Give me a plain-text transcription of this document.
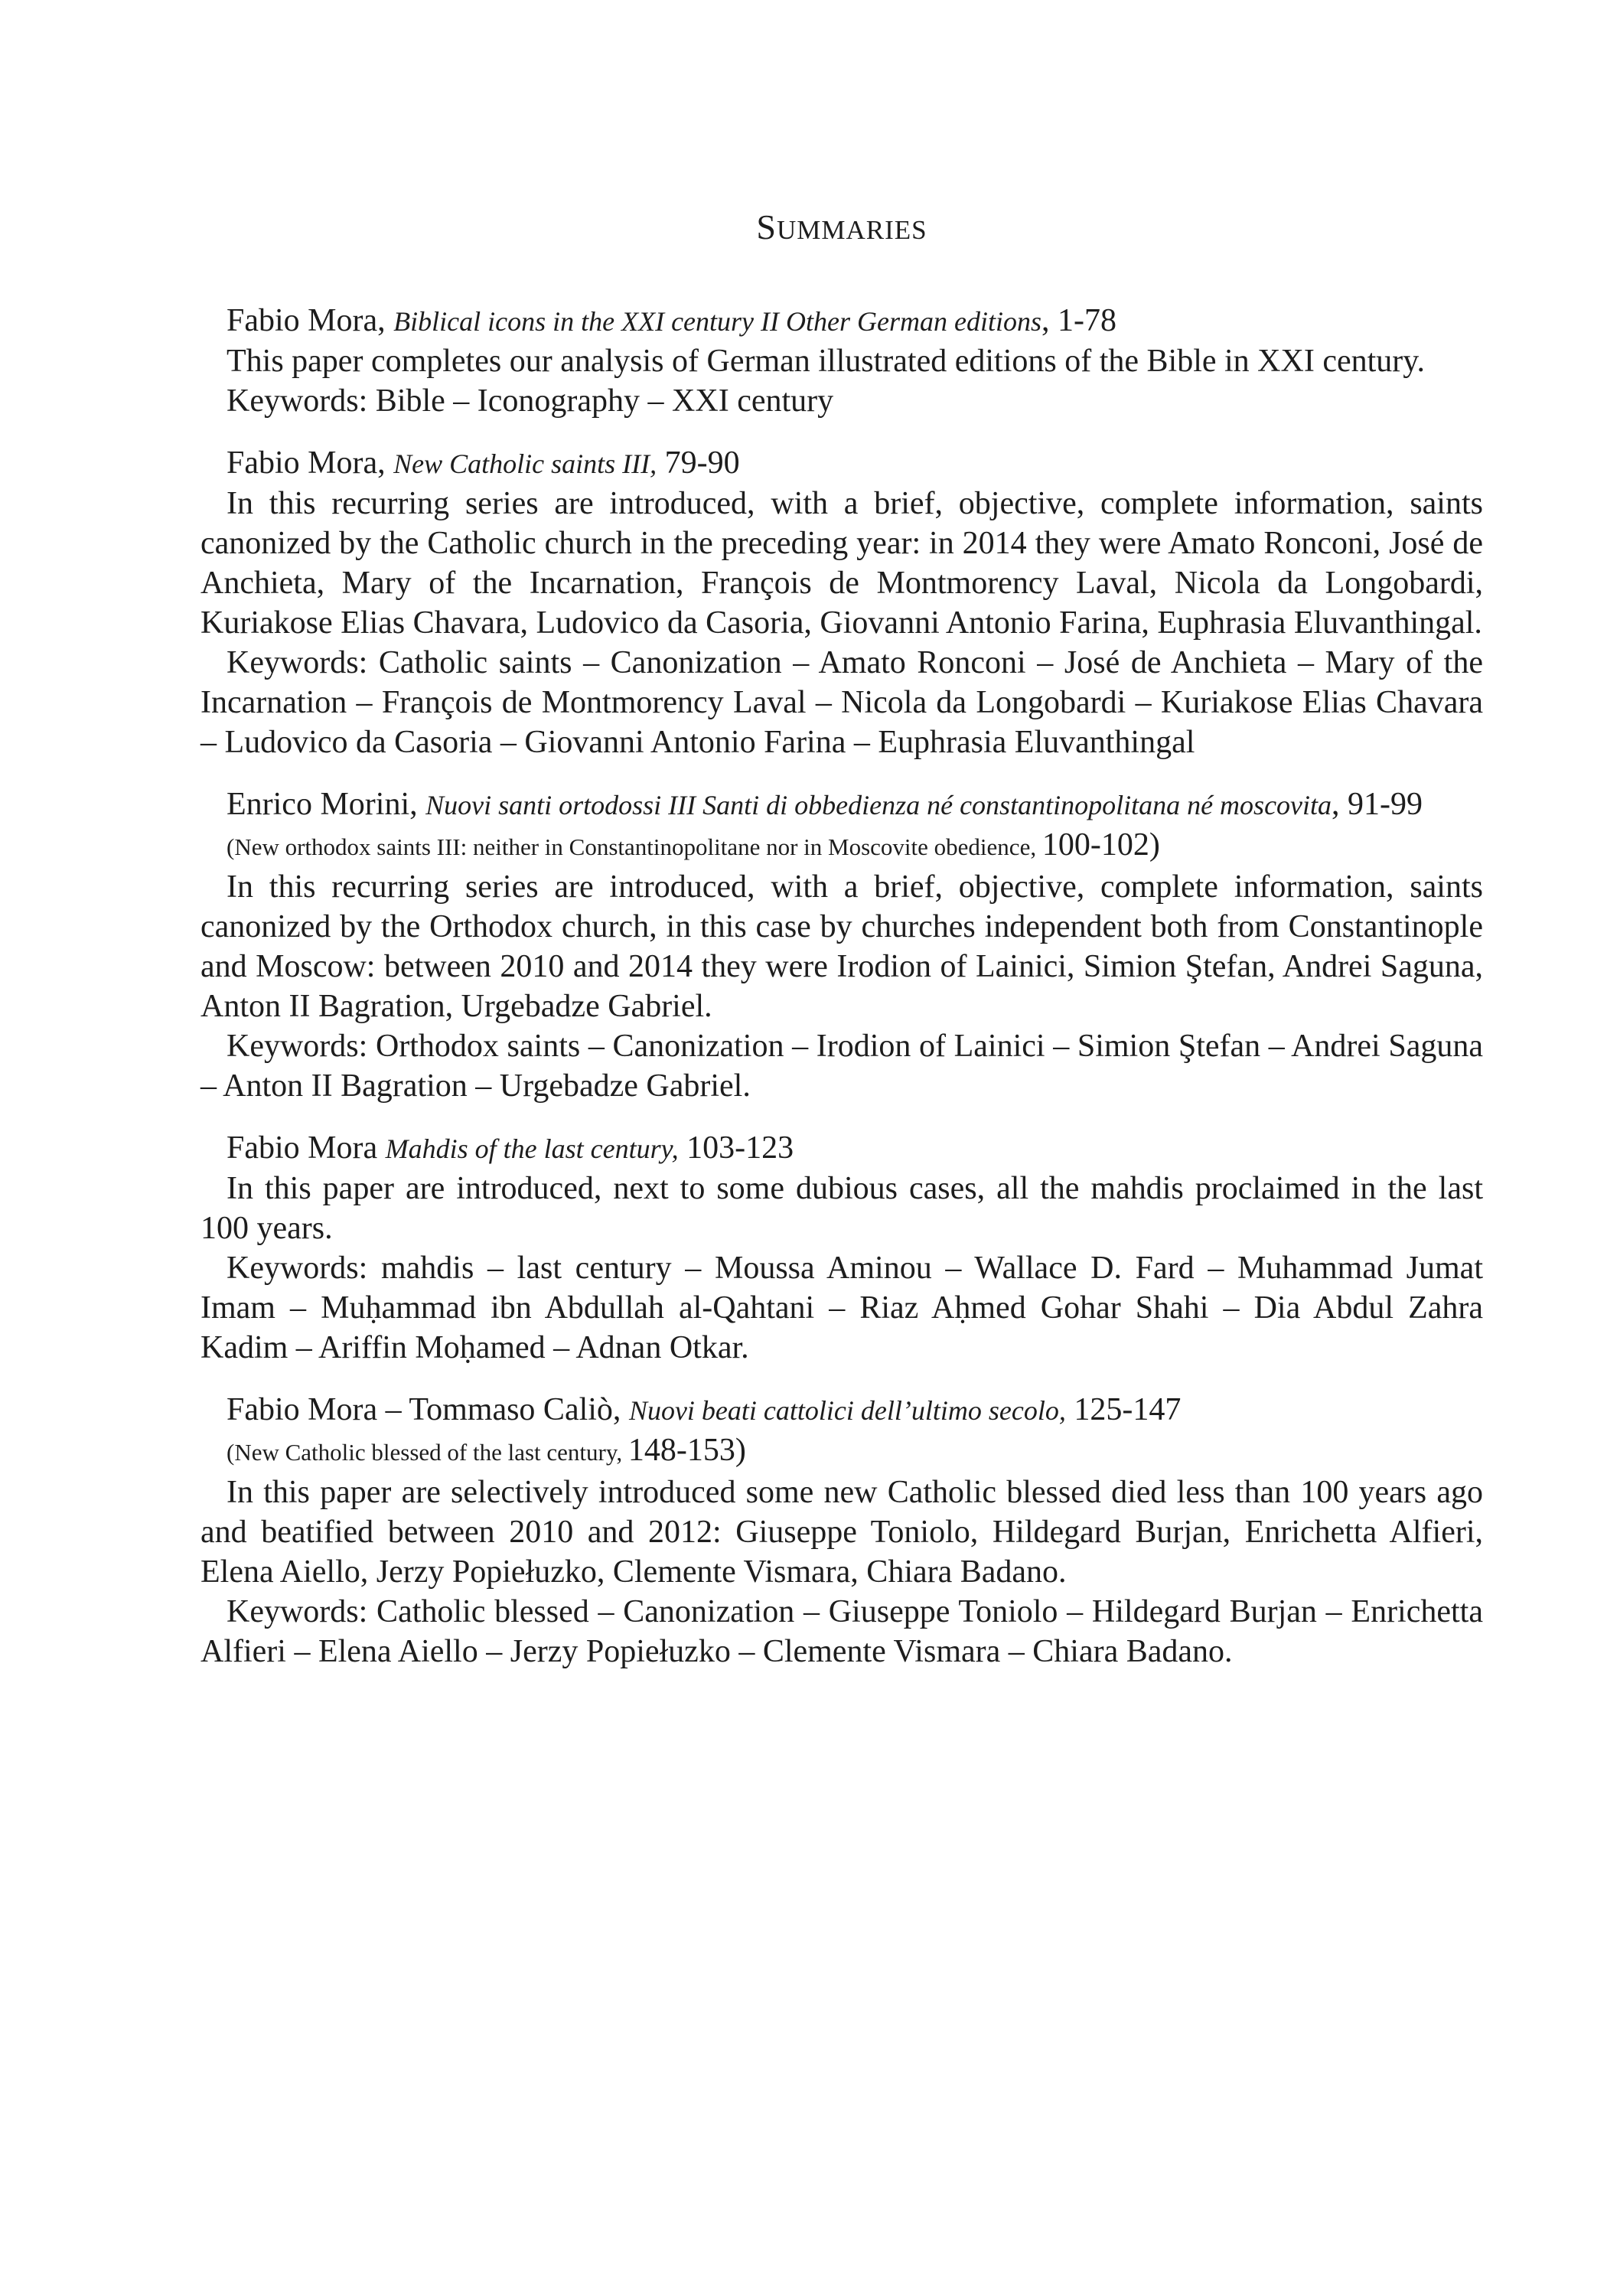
SUMMARIES
Fabio Mora, Biblical icons in the XXI century II Other German editions, 1-78
This paper completes our analysis of German illustrated editions of the Bible in XXI century.
Keywords: Bible – Iconography – XXI century
Fabio Mora, New Catholic saints III, 79-90
In this recurring series are introduced, with a brief, objective, complete information, saints canonized by the Catholic church in the preceding year: in 2014 they were Amato Ronconi, José de Anchieta, Mary of the Incarnation, François de Montmorency Laval, Nicola da Longobardi, Kuriakose Elias Chavara, Ludovico da Casoria, Giovanni Antonio Farina, Euphrasia Eluvanthingal.
Keywords: Catholic saints – Canonization – Amato Ronconi – José de Anchieta – Mary of the Incarnation – François de Montmorency Laval – Nicola da Longobardi – Kuriakose Elias Chavara – Ludovico da Casoria – Giovanni Antonio Farina – Euphrasia Eluvanthingal
Enrico Morini, Nuovi santi ortodossi III Santi di obbedienza né constantinopolitana né moscovita, 91-99
(New orthodox saints III: neither in Constantinopolitane nor in Moscovite obedience, 100-102)
In this recurring series are introduced, with a brief, objective, complete information, saints canonized by the Orthodox church, in this case by churches independent both from Constantinople and Moscow: between 2010 and 2014 they were Irodion of Lainici, Simion Ştefan, Andrei Saguna, Anton II Bagration, Urgebadze Gabriel.
Keywords: Orthodox saints – Canonization – Irodion of Lainici – Simion Ştefan – Andrei Saguna – Anton II Bagration – Urgebadze Gabriel.
Fabio Mora Mahdis of the last century, 103-123
In this paper are introduced, next to some dubious cases, all the mahdis proclaimed in the last 100 years.
Keywords: mahdis – last century – Moussa Aminou – Wallace D. Fard – Muhammad Jumat Imam – Muḥammad ibn Abdullah al-Qahtani – Riaz Aḥmed Gohar Shahi – Dia Abdul Zahra Kadim – Ariffin Moḥamed – Adnan Otkar.
Fabio Mora – Tommaso Caliò, Nuovi beati cattolici dell’ultimo secolo, 125-147
(New Catholic blessed of the last century, 148-153)
In this paper are selectively introduced some new Catholic blessed died less than 100 years ago and beatified between 2010 and 2012: Giuseppe Toniolo, Hildegard Burjan, Enrichetta Alfieri, Elena Aiello, Jerzy Popiełuzko, Clemente Vismara, Chiara Badano.
Keywords: Catholic blessed – Canonization – Giuseppe Toniolo – Hildegard Burjan – Enrichetta Alfieri – Elena Aiello – Jerzy Popiełuzko – Clemente Vismara – Chiara Badano.
